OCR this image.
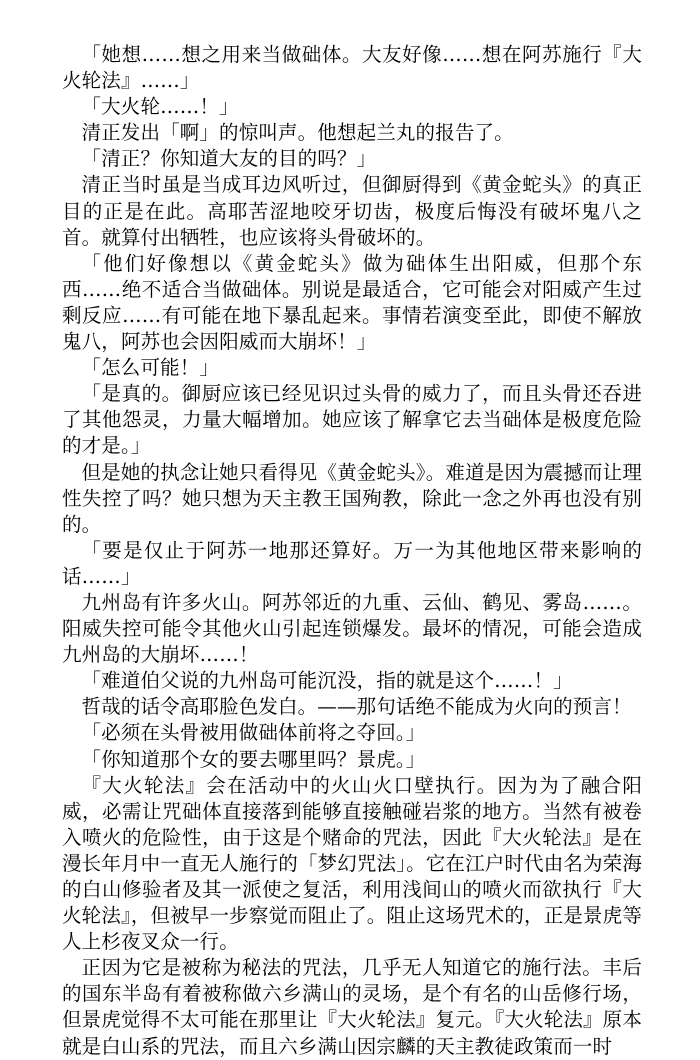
「她想……想之用来当做础体。大友好像……想在阿苏施行『大火轮法』……」

「大火轮……！」

清正发出「啊」的惊叫声。他想起兰丸的报告了。

「清正？你知道大友的目的吗？」

清正当时虽是当成耳边风听过，但御厨得到《黄金蛇头》的真正目的正是在此。高耶苦涩地咬牙切齿，极度后悔没有破坏鬼八之首。就算付出牺牲，也应该将头骨破坏的。

「他们好像想以《黄金蛇头》做为础体生出阳威，但那个东西……绝不适合当做础体。别说是最适合，它可能会对阳威产生过剩反应……有可能在地下暴乱起来。事情若演变至此，即使不解放鬼八，阿苏也会因阳威而大崩坏！」

「怎么可能！」

「是真的。御厨应该已经见识过头骨的威力了，而且头骨还吞进了其他怨灵，力量大幅增加。她应该了解拿它去当础体是极度危险的才是。」

但是她的执念让她只看得见《黄金蛇头》。难道是因为震撼而让理性失控了吗？她只想为天主教王国殉教，除此一念之外再也没有别的。

「要是仅止于阿苏一地那还算好。万一为其他地区带来影响的话……」

九州岛有许多火山。阿苏邻近的九重、云仙、鹤见、雾岛……。阳威失控可能令其他火山引起连锁爆发。最坏的情况，可能会造成九州岛的大崩坏……！

「难道伯父说的九州岛可能沉没，指的就是这个……！」

哲哉的话令高耶脸色发白。——那句话绝不能成为火向的预言！

「必须在头骨被用做础体前将之夺回。」

「你知道那个女的要去哪里吗？景虎。」

『大火轮法』会在活动中的火山火口壁执行。因为为了融合阳威，必需让咒础体直接落到能够直接触碰岩浆的地方。当然有被卷入喷火的危险性，由于这是个赌命的咒法，因此『大火轮法』是在漫长年月中一直无人施行的「梦幻咒法」。它在江户时代由名为荣海的白山修验者及其一派使之复活，利用浅间山的喷火而欲执行『大火轮法』，但被早一步察觉而阻止了。阻止这场咒术的，正是景虎等人上杉夜叉众一行。

正因为它是被称为秘法的咒法，几乎无人知道它的施行法。丰后的国东半岛有着被称做六乡满山的灵场，是个有名的山岳修行场，但景虎觉得不太可能在那里让『大火轮法』复元。『大火轮法』原本就是白山系的咒法，而且六乡满山因宗麟的天主教徒政策而一时
